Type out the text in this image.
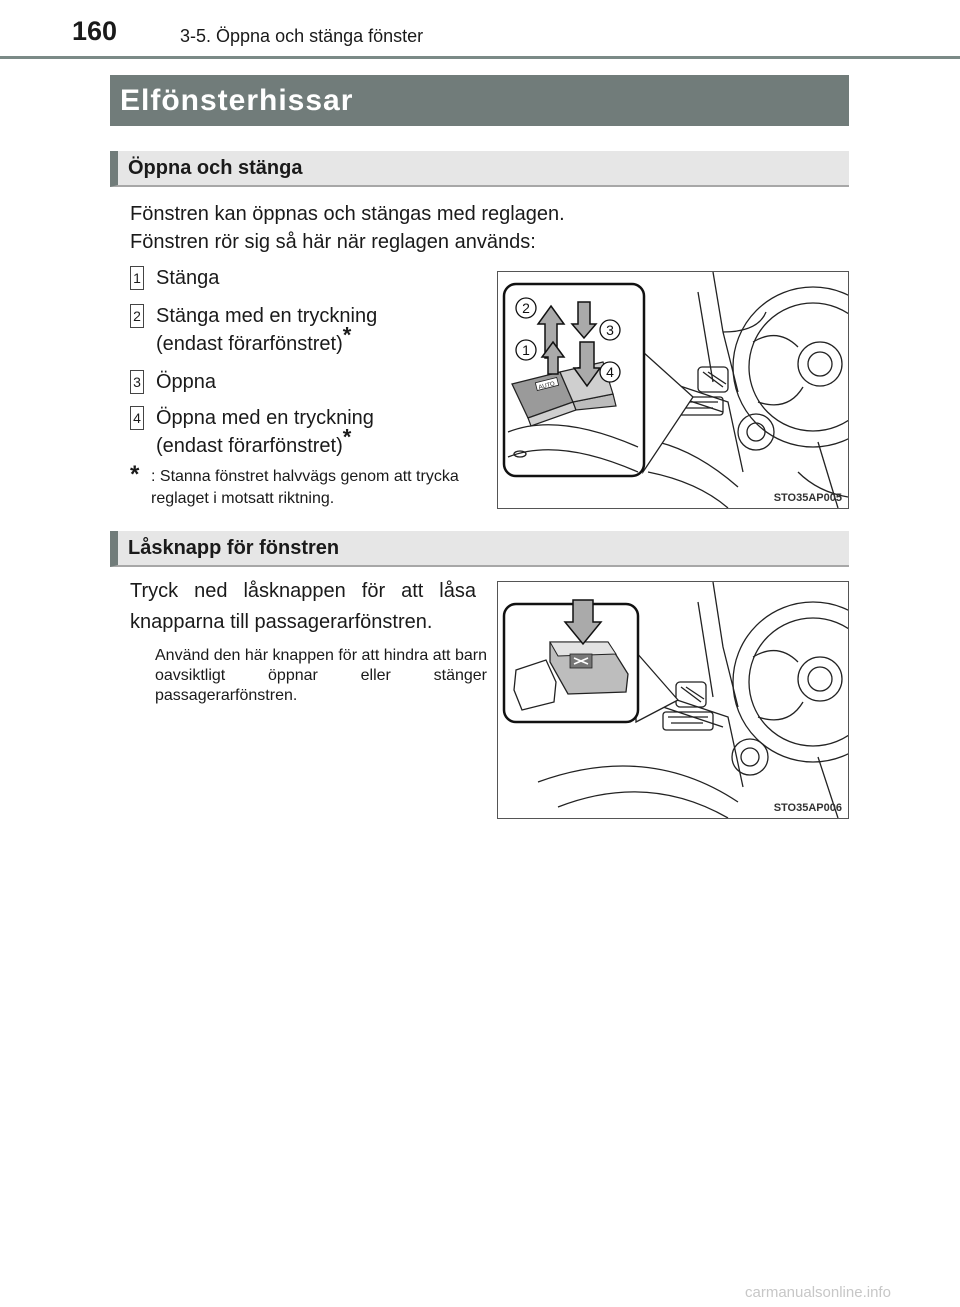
160	3-5. Öppna och stänga fönster
Elfönsterhissar
Öppna och stänga
Fönstren kan öppnas och stängas med reglagen.
Fönstren rör sig så här när reglagen används:
1 Stänga
2 Stänga med en tryckning
(endast förarfönstret)*
3 Öppna
4 Öppna med en tryckning
(endast förarfönstret)*
* : Stanna fönstret halvvägs genom att trycka reglaget i motsatt riktning.
AUTO
2
3
1
4
STO35AP005
Låsknapp för fönstren
Tryck ned låsknappen för att låsa knapparna till passagerarfönstren.
Använd den här knappen för att hindra att barn oavsiktligt öppnar eller stänger passagerarfönstren.
STO35AP006
carmanualsonline.info
